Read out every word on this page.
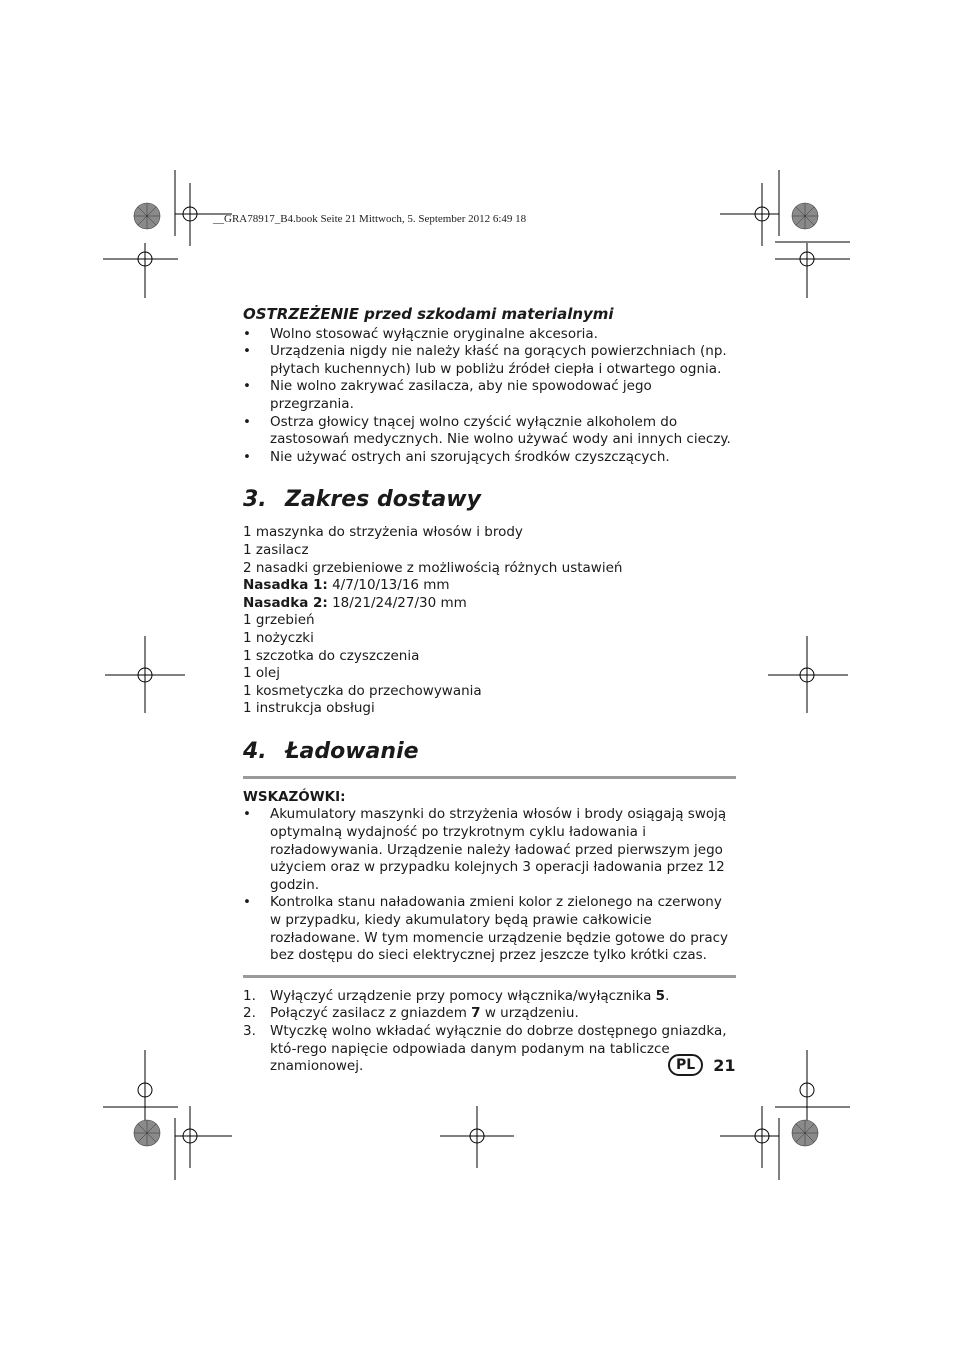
__GRA78917_B4.book Seite 21 Mittwoch, 5. September 2012 6:49 18
OSTRZEŻENIE przed szkodami materialnymi
• Wolno stosować wyłącznie oryginalne akcesoria.
• Urządzenia nigdy nie należy kłaść na gorących powierzchniach (np. płytach kuchennych) lub w pobliżu źródeł ciepła i otwartego ognia.
• Nie wolno zakrywać zasilacza, aby nie spowodować jego przegrzania.
• Ostrza głowicy tnącej wolno czyścić wyłącznie alkoholem do zastosowań medycznych. Nie wolno używać wody ani innych cieczy.
• Nie używać ostrych ani szorujących środków czyszczących.
3. Zakres dostawy

1 maszynka do strzyżenia włosów i brody

1 zasilacz

2 nasadki grzebieniowe z możliwością różnych ustawień

Nasadka 1: 4/7/10/13/16 mm

Nasadka 2: 18/21/24/27/30 mm

1 grzebień

1 nożyczki

1 szczotka do czyszczenia

1 olej

1 kosmetyczka do przechowywania

1 instrukcja obsługi

4. Ładowanie
WSKAZÓWKI:
• Akumulatory maszynki do strzyżenia włosów i brody osiągają swoją optymalną wydajność po trzykrotnym cyklu ładowania i rozładowywania. Urządzenie należy ładować przed pierwszym jego użyciem oraz w przypadku kolejnych 3 operacji ładowania przez 12 godzin.
• Kontrolka stanu naładowania zmieni kolor z zielonego na czerwony w przypadku, kiedy akumulatory będą prawie całkowicie rozładowane. W tym momencie urządzenie będzie gotowe do pracy bez dostępu do sieci elektrycznej przez jeszcze tylko krótki czas.
1. Wyłączyć urządzenie przy pomocy włącznika/wyłącznika 5.
2. Połączyć zasilacz z gniazdem 7 w urządzeniu.
3. Wtyczkę wolno wkładać wyłącznie do dobrze dostępnego gniazdka, któ-rego napięcie odpowiada danym podanym na tabliczce znamionowej.	PL	21
